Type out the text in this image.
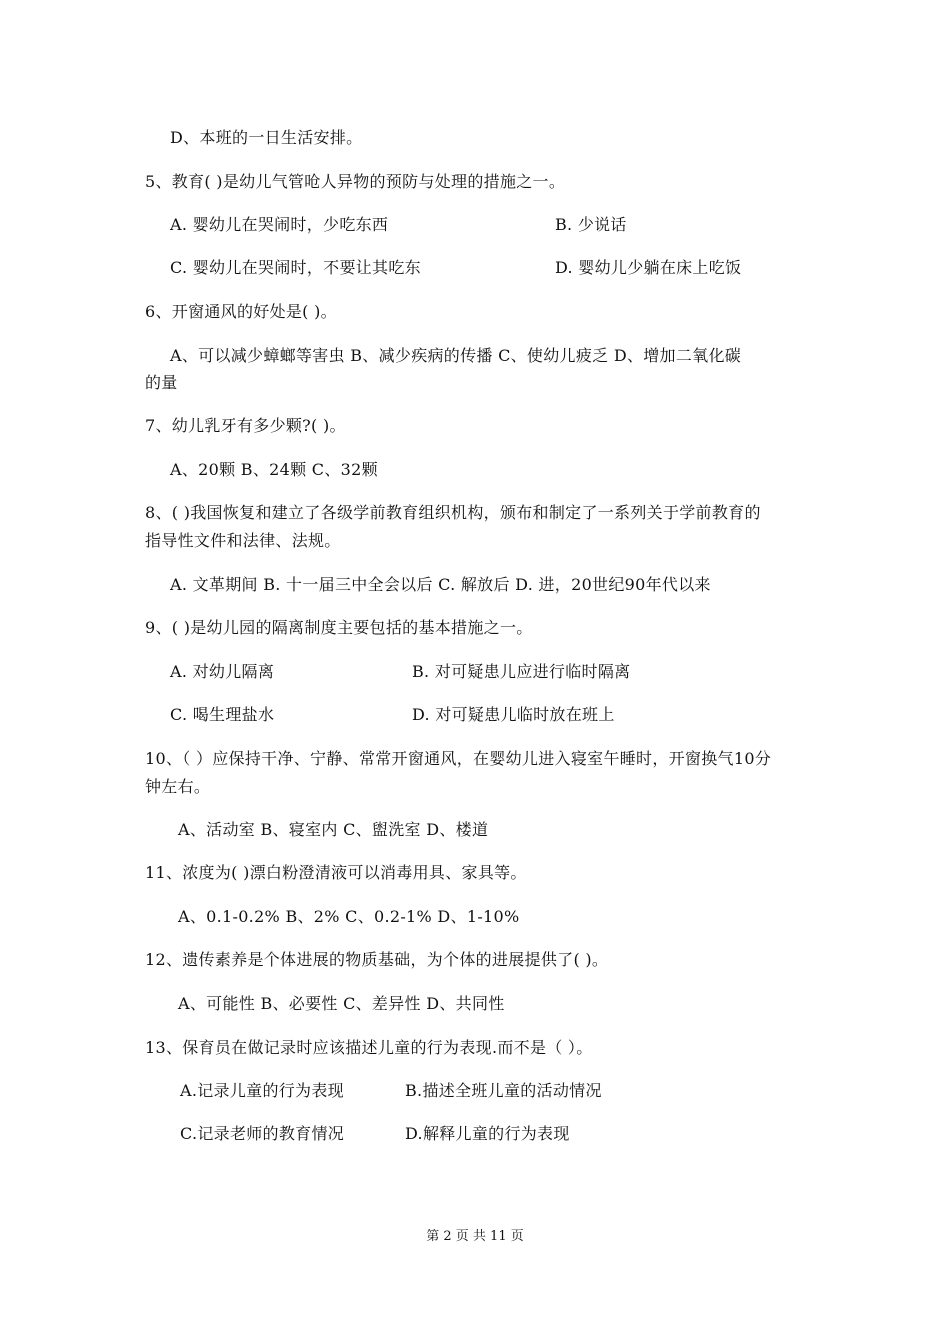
D、本班的一日生活安排。
5、教育( )是幼儿气管呛人异物的预防与处理的措施之一。
A. 婴幼儿在哭闹时，少吃东西	B. 少说话
C. 婴幼儿在哭闹时，不要让其吃东	D. 婴幼儿少躺在床上吃饭
6、开窗通风的好处是( )。
A、可以减少蟑螂等害虫 B、减少疾病的传播 C、使幼儿疲乏 D、增加二氧化碳
的量
7、幼儿乳牙有多少颗?( )。
A、20颗 B、24颗 C、32颗
8、( )我国恢复和建立了各级学前教育组织机构，颁布和制定了一系列关于学前教育的
指导性文件和法律、法规。
A. 文革期间 B. 十一届三中全会以后 C. 解放后 D. 进，20世纪90年代以来
9、( )是幼儿园的隔离制度主要包括的基本措施之一。
A. 对幼儿隔离	B. 对可疑患儿应进行临时隔离
C. 喝生理盐水	D. 对可疑患儿临时放在班上
10、（ ）应保持干净、宁静、常常开窗通风，在婴幼儿进入寝室午睡时，开窗换气10分
钟左右。
A、活动室 B、寝室内 C、盥洗室 D、楼道
11、浓度为( )漂白粉澄清液可以消毒用具、家具等。
A、0.1-0.2% B、2% C、0.2-1% D、1-10%
12、遗传素养是个体进展的物质基础，为个体的进展提供了( )。
A、可能性 B、必要性 C、差异性 D、共同性
13、保育员在做记录时应该描述儿童的行为表现.而不是（ ）。
A.记录儿童的行为表现	B.描述全班儿童的活动情况
C.记录老师的教育情况	D.解释儿童的行为表现
第 2 页 共 11 页
